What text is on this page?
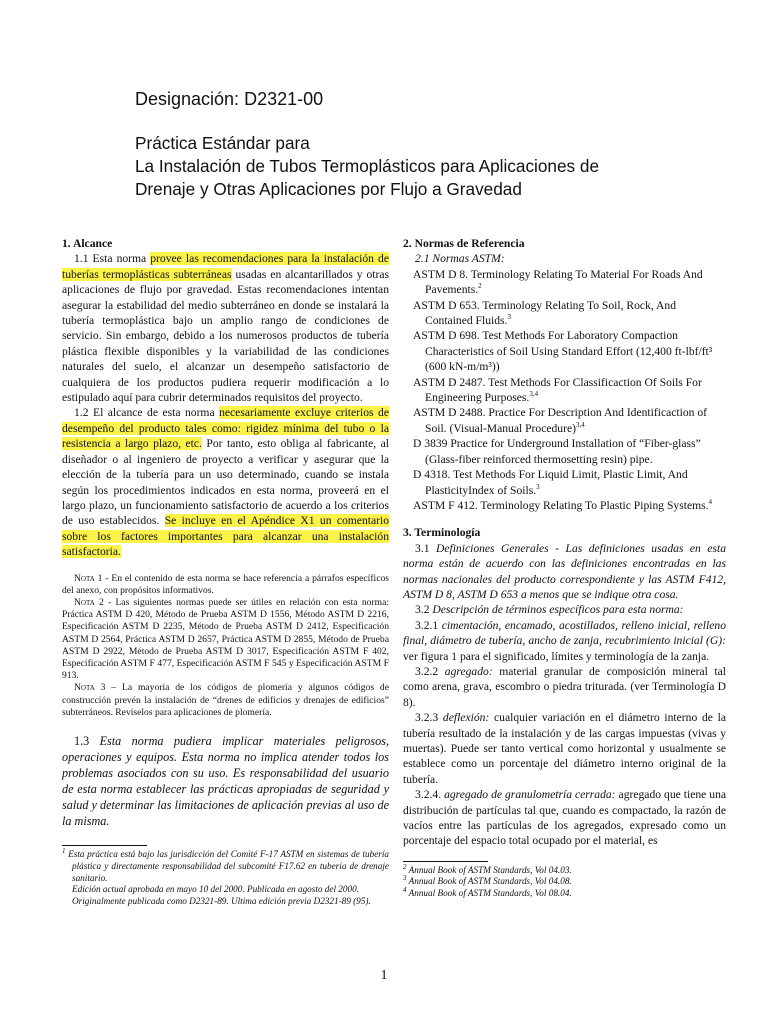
Designación: D2321-00
Práctica Estándar para
La Instalación de Tubos Termoplásticos para Aplicaciones de
Drenaje y Otras Aplicaciones por Flujo a Gravedad

1. Alcance

1.1 Esta norma provee las recomendaciones para la instalación de tuberías termoplásticas subterráneas usadas en alcantarillados y otras aplicaciones de flujo por gravedad. Estas recomendaciones intentan asegurar la estabilidad del medio subterráneo en donde se instalará la tubería termoplástica bajo un amplio rango de condiciones de servicio. Sin embargo, debido a los numerosos productos de tubería plástica flexible disponibles y la variabilidad de las condiciones naturales del suelo, el alcanzar un desempeño satisfactorio de cualquiera de los productos pudiera requerir modificación a lo estipulado aquí para cubrir determinados requisitos del proyecto.

1.2 El alcance de esta norma necesariamente excluye criterios de desempeño del producto tales como: rigidez mínima del tubo o la resistencia a largo plazo, etc. Por tanto, esto obliga al fabricante, al diseñador o al ingeniero de proyecto a verificar y asegurar que la elección de la tubería para un uso determinado, cuando se instala según los procedimientos indicados en esta norma, proveerá en el largo plazo, un funcionamiento satisfactorio de acuerdo a los criterios de uso establecidos. Se incluye en el Apéndice X1 un comentario sobre los factores importantes para alcanzar una instalación satisfactoria.

Nota 1 - En el contenido de esta norma se hace referencia a párrafos específicos del anexo, con propósitos informativos.

Nota 2 - Las siguientes normas puede ser útiles en relación con esta norma: Práctica ASTM D 420, Método de Prueba ASTM D 1556, Método ASTM D 2216, Especificación ASTM D 2235, Método de Prueba ASTM D 2412, Especificación ASTM D 2564, Práctica ASTM D 2657, Práctica ASTM D 2855, Método de Prueba ASTM D 2922, Método de Prueba ASTM D 3017, Especificación ASTM F 402, Especificación ASTM F 477, Especificación ASTM F 545 y Especificación ASTM F 913.

Nota 3 – La mayoría de los códigos de plomería y algunos códigos de construcción prevén la instalación de “drenes de edificios y drenajes de edificios” subterráneos. Revíselos para aplicaciones de plomería.

1.3 Esta norma pudiera implicar materiales peligrosos, operaciones y equipos. Esta norma no implica atender todos los problemas asociados con su uso. Es responsabilidad del usuario de esta norma establecer las prácticas apropiadas de seguridad y salud y determinar las limitaciones de aplicación previas al uso de la misma.

$^1$ Esta práctica está bajo las jurisdicción del Comité F-17 ASTM en sistemas de tubería plástica y directamente responsabilidad del subcomité F17.62 en tubería de drenaje sanitario.

Edición actual aprobada en mayo 10 del 2000. Publicada en agosto del 2000.

Originalmente publicada como D2321-89. Ultima edición previa D2321-89 (95).

2. Normas de Referencia

2.1 Normas ASTM:

ASTM D 8. Terminology Relating To Material For Roads And Pavements.$^2$

ASTM D 653. Terminology Relating To Soil, Rock, And Contained Fluids.$^3$

ASTM D 698. Test Methods For Laboratory Compaction Characteristics of Soil Using Standard Effort (12,400 ft-lbf/ft³ (600 kN-m/m³))

ASTM D 2487. Test Methods For Classificaction Of Soils For Engineering Purposes.$^{3,4}$

ASTM D 2488. Practice For Description And Identificaction of Soil. (Visual-Manual Procedure)$^{3,4}$

D 3839 Practice for Underground Installation of “Fiber-glass” (Glass-fiber reinforced thermosetting resin) pipe.

D 4318. Test Methods For Liquid Limit, Plastic Limit, And PlasticityIndex of Soils.$^3$

ASTM F 412. Terminology Relating To Plastic Piping Systems.$^4$

3. Terminología

3.1 Definiciones Generales - Las definiciones usadas en esta norma están de acuerdo con las definiciones encontradas en las normas nacionales del producto correspondiente y las ASTM F412, ASTM D 8, ASTM D 653 a menos que se indique otra cosa.

3.2 Descripción de términos específicos para esta norma:

3.2.1 cimentación, encamado, acostillados, relleno inicial, relleno final, diámetro de tubería, ancho de zanja, recubrimiento inicial (G): ver figura 1 para el significado, límites y terminología de la zanja.

3.2.2 agregado: material granular de composición mineral tal como arena, grava, escombro o piedra triturada. (ver Terminología D 8).

3.2.3 deflexión: cualquier variación en el diámetro interno de la tubería resultado de la instalación y de las cargas impuestas (vivas y muertas). Puede ser tanto vertical como horizontal y usualmente se establece como un porcentaje del diámetro interno original de la tubería.

3.2.4. agregado de granulometría cerrada: agregado que tiene una distribución de partículas tal que, cuando es compactado, la razón de vacíos entre las partículas de los agregados, expresado como un porcentaje del espacio total ocupado por el material, es

$^2$ Annual Book of ASTM Standards, Vol 04.03.

$^3$ Annual Book of ASTM Standards, Vol 04.08.

$^4$ Annual Book of ASTM Standards, Vol 08.04.

1
